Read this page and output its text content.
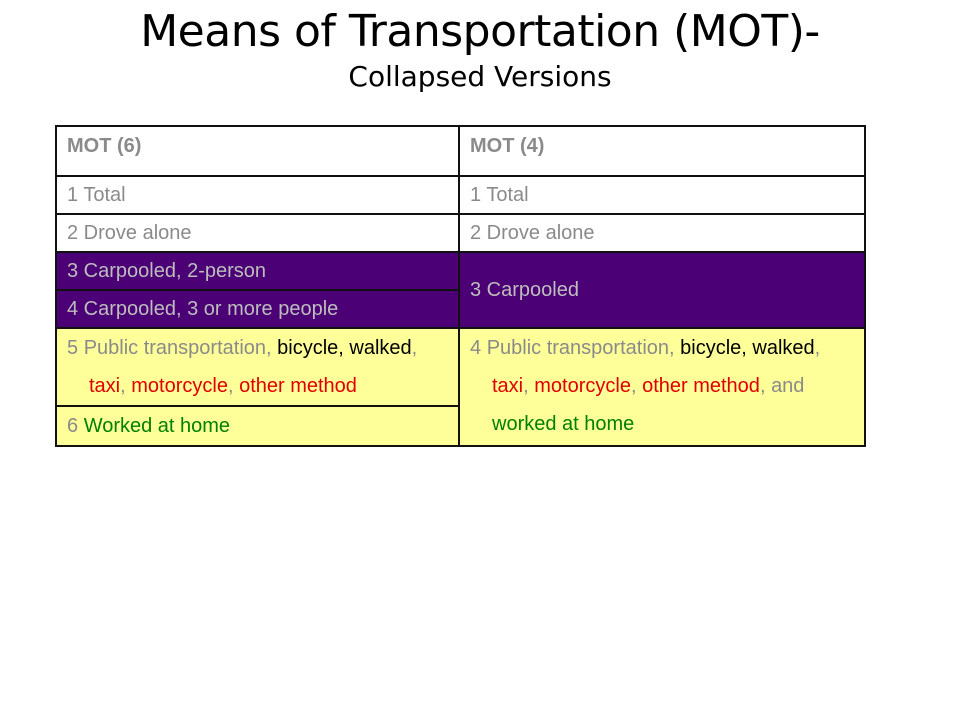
Means of Transportation (MOT)-
Collapsed Versions
MOT (6)	MOT (4)
1 Total	1 Total
2 Drove alone	2 Drove alone
3 Carpooled, 2-person	3 Carpooled
4 Carpooled, 3 or more people	
5 Public transportation, bicycle, walked, taxi, motorcycle, other method	4 Public transportation, bicycle, walked, taxi, motorcycle, other method, and worked at home
6 Worked at home	
